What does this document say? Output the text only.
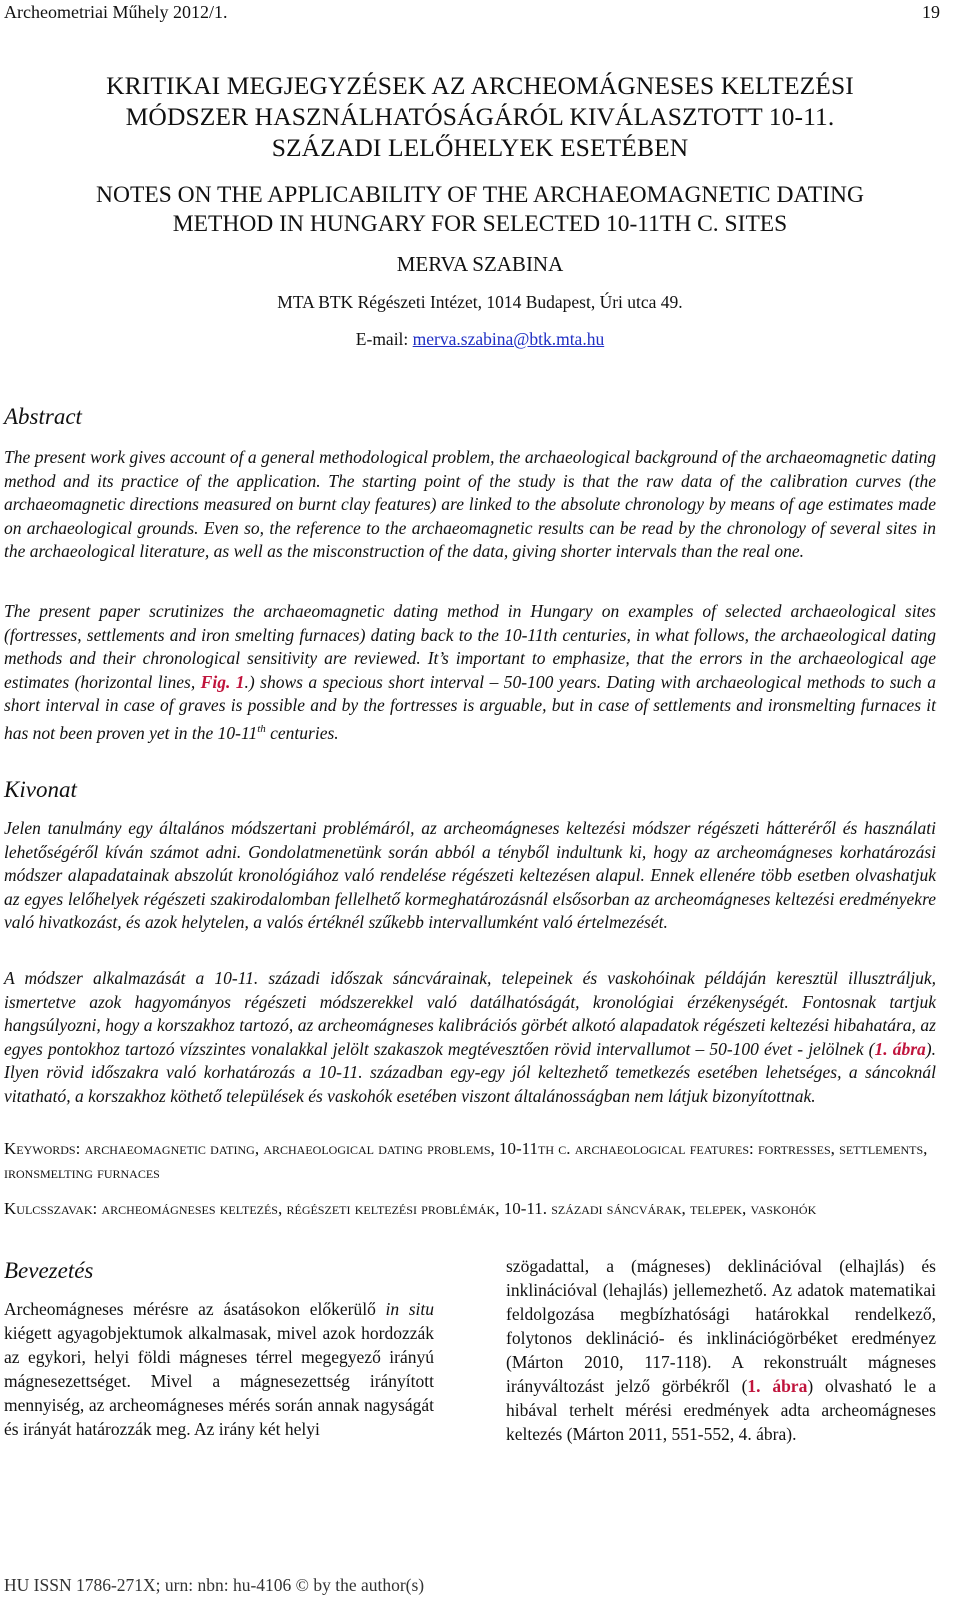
Archeometriai Műhely 2012/1.	19
KRITIKAI MEGJEGYZÉSEK AZ ARCHEOMÁGNESES KELTEZÉSI
MÓDSZER HASZNÁLHATÓSÁGÁRÓL KIVÁLASZTOTT 10-11.
SZÁZADI LELŐHELYEK ESETÉBEN
NOTES ON THE APPLICABILITY OF THE ARCHAEOMAGNETIC DATING
METHOD IN HUNGARY FOR SELECTED 10-11TH C. SITES
MERVA SZABINA
MTA BTK Régészeti Intézet, 1014 Budapest, Úri utca 49.
E-mail: merva.szabina@btk.mta.hu
Abstract
The present work gives account of a general methodological problem, the archaeological background of the archaeomagnetic dating method and its practice of the application. The starting point of the study is that the raw data of the calibration curves (the archaeomagnetic directions measured on burnt clay features) are linked to the absolute chronology by means of age estimates made on archaeological grounds. Even so, the reference to the archaeomagnetic results can be read by the chronology of several sites in the archaeological literature, as well as the misconstruction of the data, giving shorter intervals than the real one.
The present paper scrutinizes the archaeomagnetic dating method in Hungary on examples of selected archaeological sites (fortresses, settlements and iron smelting furnaces) dating back to the 10-11th centuries, in what follows, the archaeological dating methods and their chronological sensitivity are reviewed. It’s important to emphasize, that the errors in the archaeological age estimates (horizontal lines, Fig. 1.) shows a specious short interval – 50-100 years. Dating with archaeological methods to such a short interval in case of graves is possible and by the fortresses is arguable, but in case of settlements and ironsmelting furnaces it has not been proven yet in the 10-11th centuries.
Kivonat
Jelen tanulmány egy általános módszertani problémáról, az archeomágneses keltezési módszer régészeti hátteréről és használati lehetőségéről kíván számot adni. Gondolatmenetünk során abból a tényből indultunk ki, hogy az archeomágneses korhatározási módszer alapadatainak abszolút kronológiához való rendelése régészeti keltezésen alapul. Ennek ellenére több esetben olvashatjuk az egyes lelőhelyek régészeti szakirodalomban fellelhető kormeghatározásnál elsősorban az archeomágneses keltezési eredményekre való hivatkozást, és azok helytelen, a valós értéknél szűkebb intervallumként való értelmezését.
A módszer alkalmazását a 10-11. századi időszak sáncvárainak, telepeinek és vaskohóinak példáján keresztül illusztráljuk, ismertetve azok hagyományos régészeti módszerekkel való datálhatóságát, kronológiai érzékenységét. Fontosnak tartjuk hangsúlyozni, hogy a korszakhoz tartozó, az archeomágneses kalibrációs görbét alkotó alapadatok régészeti keltezési hibahatára, az egyes pontokhoz tartozó vízszintes vonalakkal jelölt szakaszok megtévesztően rövid intervallumot – 50-100 évet - jelölnek (1. ábra). Ilyen rövid időszakra való korhatározás a 10-11. században egy-egy jól keltezhető temetkezés esetében lehetséges, a sáncoknál vitatható, a korszakhoz köthető települések és vaskohók esetében viszont általánosságban nem látjuk bizonyítottnak.
Keywords: archaeomagnetic dating, archaeological dating problems, 10-11th c. archaeological features: fortresses, settlements, ironsmelting furnaces
Kulcsszavak: archeomágneses keltezés, régészeti keltezési problémák, 10-11. századi sáncvárak, telepek, vaskohók
Bevezetés
Archeomágneses mérésre az ásatásokon előkerülő in situ kiégett agyagobjektumok alkalmasak, mivel azok hordozzák az egykori, helyi földi mágneses térrel megegyező irányú mágnesezettséget. Mivel a mágnesezettség irányított mennyiség, az archeomágneses mérés során annak nagyságát és irányát határozzák meg. Az irány két helyi
szögadattal, a (mágneses) deklinációval (elhajlás) és inklinációval (lehajlás) jellemezhető. Az adatok matematikai feldolgozása megbízhatósági határokkal rendelkező, folytonos deklináció- és inklinációgörbéket eredményez (Márton 2010, 117-118). A rekonstruált mágneses irányváltozást jelző görbékről (1. ábra) olvasható le a hibával terhelt mérési eredmények adta archeomágneses keltezés (Márton 2011, 551-552, 4. ábra).
HU ISSN 1786-271X; urn: nbn: hu-4106 © by the author(s)
